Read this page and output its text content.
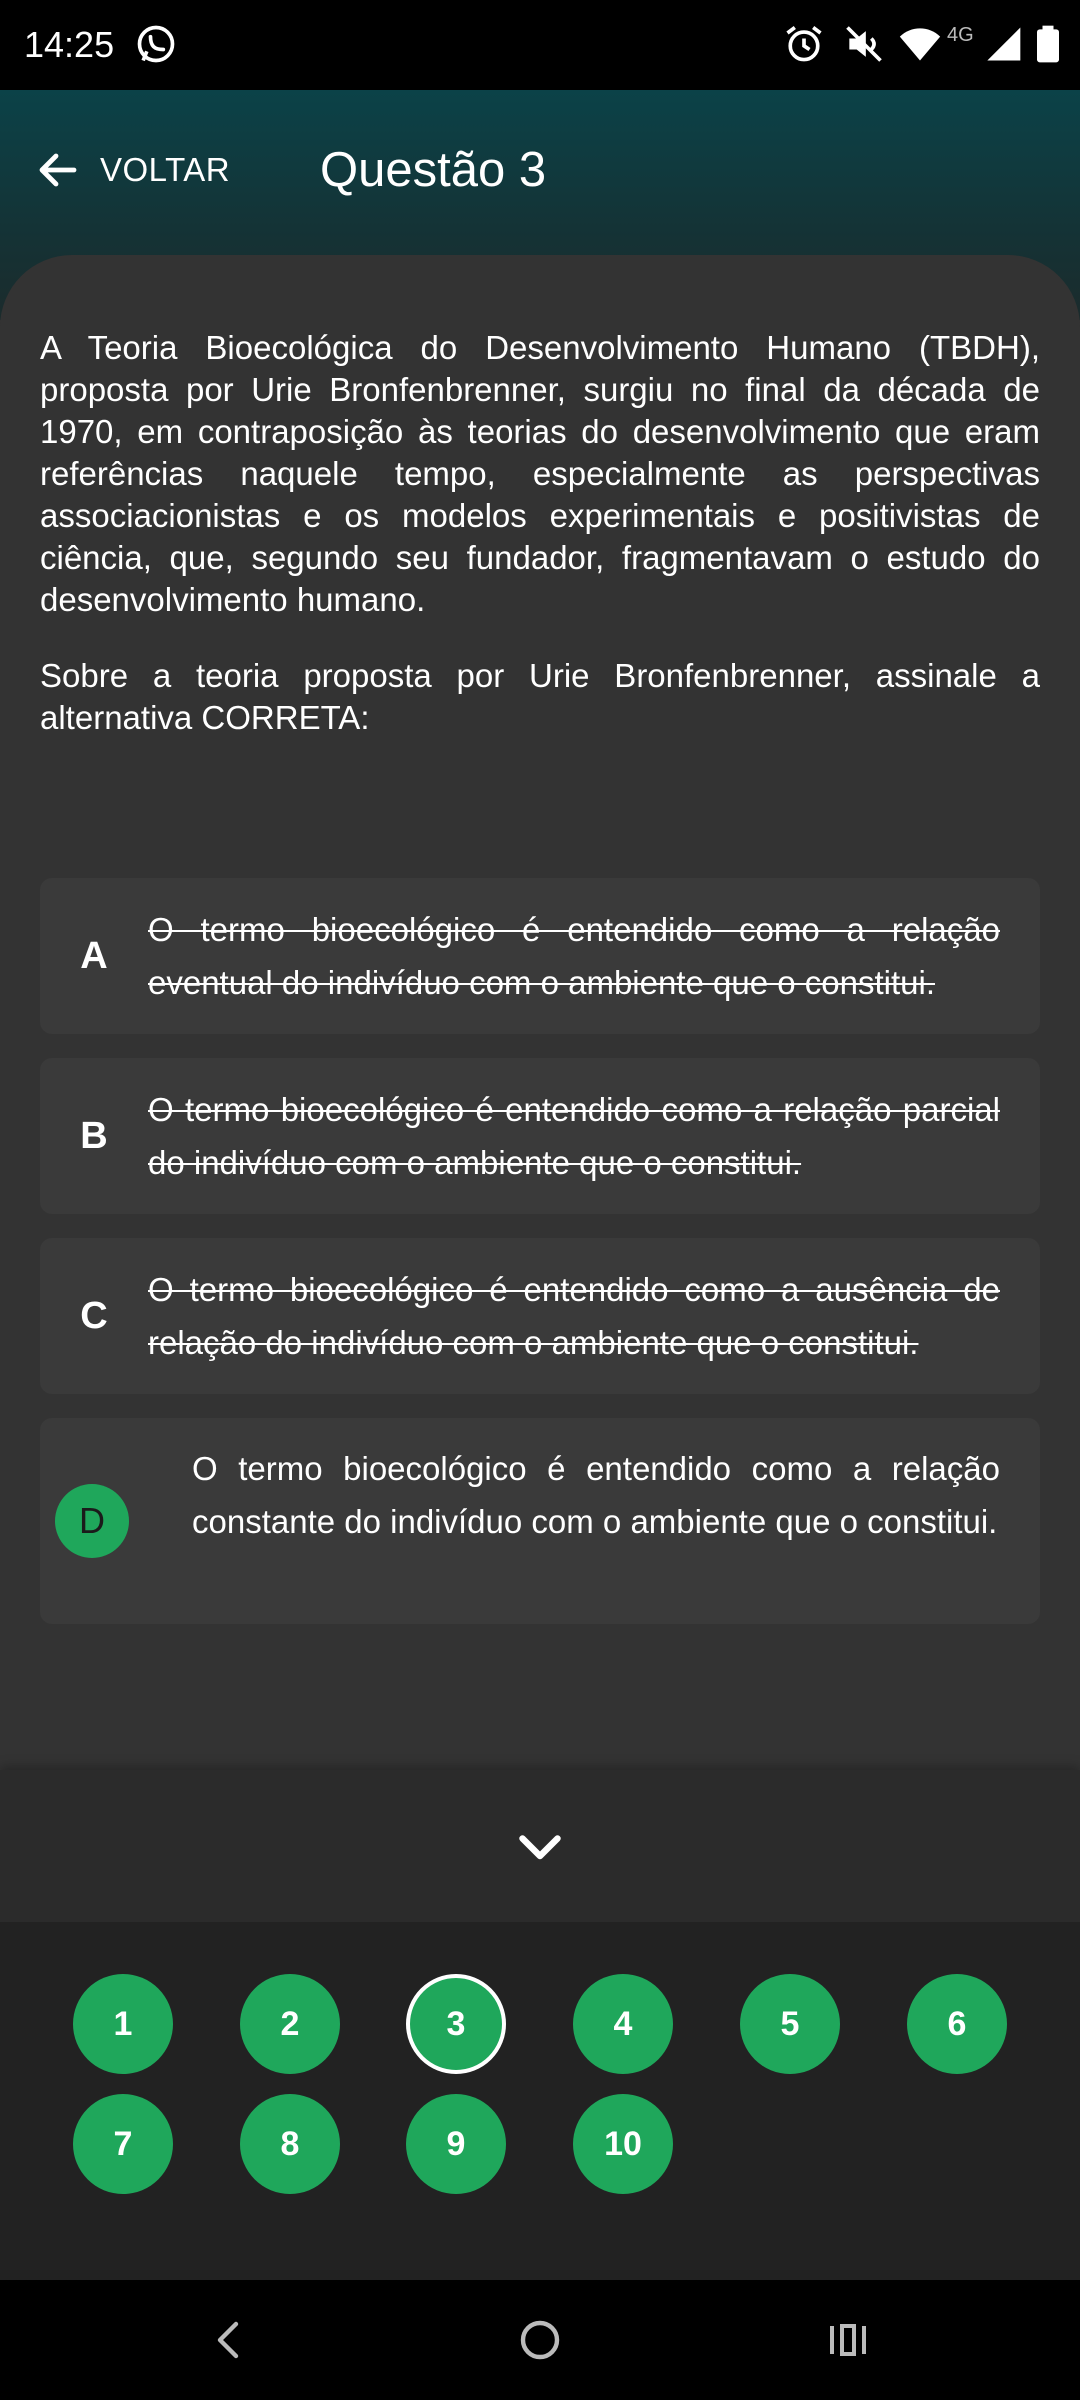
14:25	4G
VOLTAR Questão 3

A Teoria Bioecológica do Desenvolvimento Humano (TBDH), proposta por Urie Bronfenbrenner, surgiu no final da década de 1970, em contraposição às teorias do desenvolvimento que eram referências naquele tempo, especialmente as perspectivas associacionistas e os modelos experimentais e positivistas de ciência, que, segundo seu fundador, fragmentavam o estudo do desenvolvimento humano.

Sobre a teoria proposta por Urie Bronfenbrenner, assinale a alternativa CORRETA:

A
O termo bioecológico é entendido como a relação eventual do indivíduo com o ambiente que o constitui.
B
O termo bioecológico é entendido como a relação parcial do indivíduo com o ambiente que o constitui.
C
O termo bioecológico é entendido como a ausência de relação do indivíduo com o ambiente que o constitui.
D
O termo bioecológico é entendido como a relação constante do indivíduo com o ambiente que o constitui.
1	2	3	4	5	6
7	8	9	10
